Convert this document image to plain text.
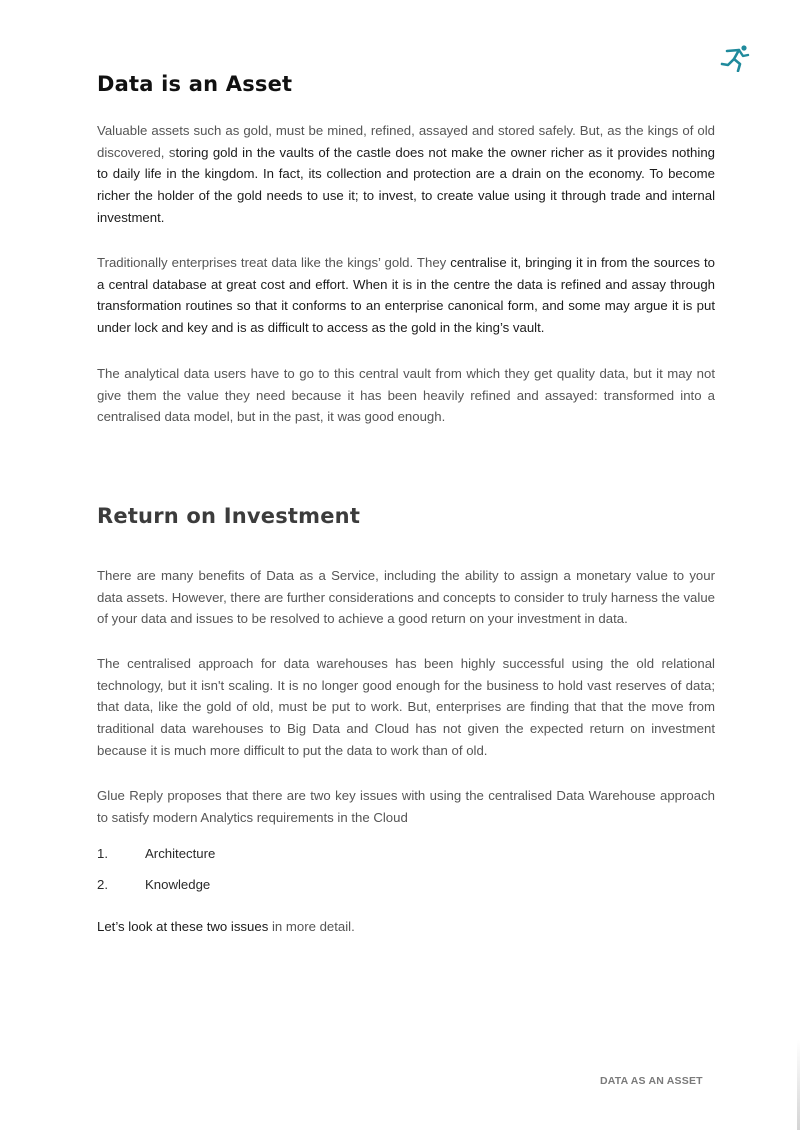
Data is an Asset

Valuable assets such as gold, must be mined, refined, assayed and stored safely. But, as the kings of old discovered, storing gold in the vaults of the castle does not make the owner richer as it provides nothing to daily life in the kingdom. In fact, its collection and protection are a drain on the economy. To become richer the holder of the gold needs to use it; to invest, to create value using it through trade and internal investment.

Traditionally enterprises treat data like the kings’ gold. They centralise it, bringing it in from the sources to a central database at great cost and effort. When it is in the centre the data is refined and assay through transformation routines so that it conforms to an enterprise canonical form, and some may argue it is put under lock and key and is as difficult to access as the gold in the king’s vault.

The analytical data users have to go to this central vault from which they get quality data, but it may not give them the value they need because it has been heavily refined and assayed: transformed into a centralised data model, but in the past, it was good enough.

Return on Investment

There are many benefits of Data as a Service, including the ability to assign a monetary value to your data assets. However, there are further considerations and concepts to consider to truly harness the value of your data and issues to be resolved to achieve a good return on your investment in data.

The centralised approach for data warehouses has been highly successful using the old relational technology, but it isn't scaling. It is no longer good enough for the business to hold vast reserves of data; that data, like the gold of old, must be put to work. But, enterprises are finding that that the move from traditional data warehouses to Big Data and Cloud has not given the expected return on investment because it is much more difficult to put the data to work than of old.

Glue Reply proposes that there are two key issues with using the centralised Data Warehouse approach to satisfy modern Analytics requirements in the Cloud

1.	Architecture
2.	Knowledge

Let’s look at these two issues in more detail.

DATA AS AN ASSET
